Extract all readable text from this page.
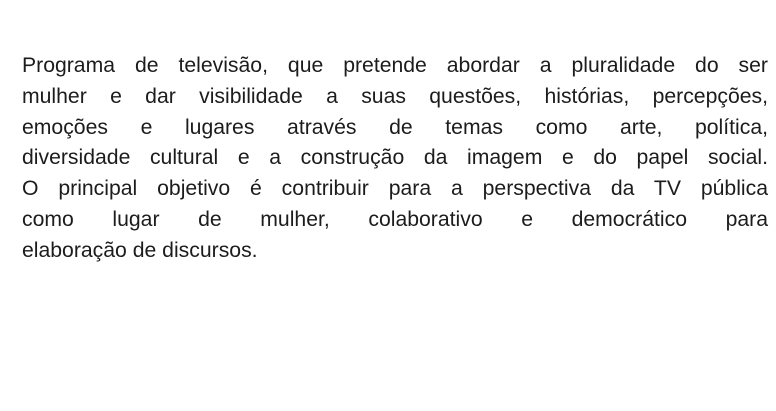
Programa de televisão, que pretende abordar a pluralidade do ser
mulher e dar visibilidade a suas questões, histórias, percepções,
emoções e lugares através de temas como arte, política,
diversidade cultural e a construção da imagem e do papel social.
O principal objetivo é contribuir para a perspectiva da TV pública
como lugar de mulher, colaborativo e democrático para
elaboração de discursos.
